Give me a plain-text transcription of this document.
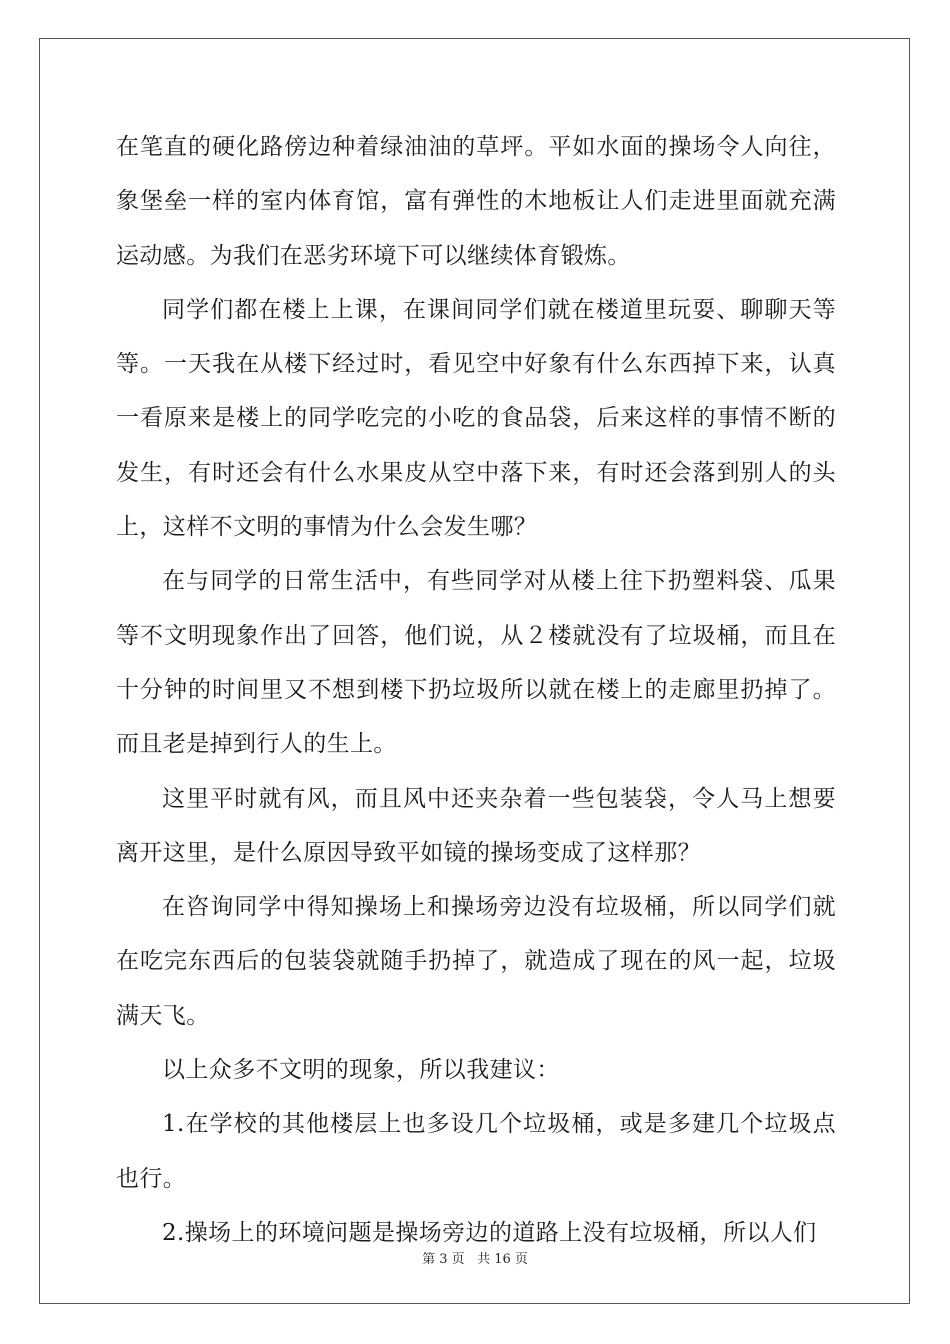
在笔直的硬化路傍边种着绿油油的草坪。平如水面的操场令人向往，象堡垒一样的室内体育馆，富有弹性的木地板让人们走进里面就充满运动感。为我们在恶劣环境下可以继续体育锻炼。

同学们都在楼上上课，在课间同学们就在楼道里玩耍、聊聊天等等。一天我在从楼下经过时，看见空中好象有什么东西掉下来，认真一看原来是楼上的同学吃完的小吃的食品袋，后来这样的事情不断的发生，有时还会有什么水果皮从空中落下来，有时还会落到别人的头上，这样不文明的事情为什么会发生哪？

在与同学的日常生活中，有些同学对从楼上往下扔塑料袋、瓜果等不文明现象作出了回答，他们说，从２楼就没有了垃圾桶，而且在十分钟的时间里又不想到楼下扔垃圾所以就在楼上的走廊里扔掉了。而且老是掉到行人的生上。

这里平时就有风，而且风中还夹杂着一些包装袋，令人马上想要离开这里，是什么原因导致平如镜的操场变成了这样那？

在咨询同学中得知操场上和操场旁边没有垃圾桶，所以同学们就在吃完东西后的包装袋就随手扔掉了，就造成了现在的风一起，垃圾满天飞。

以上众多不文明的现象，所以我建议：

1.在学校的其他楼层上也多设几个垃圾桶，或是多建几个垃圾点也行。

2.操场上的环境问题是操场旁边的道路上没有垃圾桶，所以人们

第 3 页 共 16 页
